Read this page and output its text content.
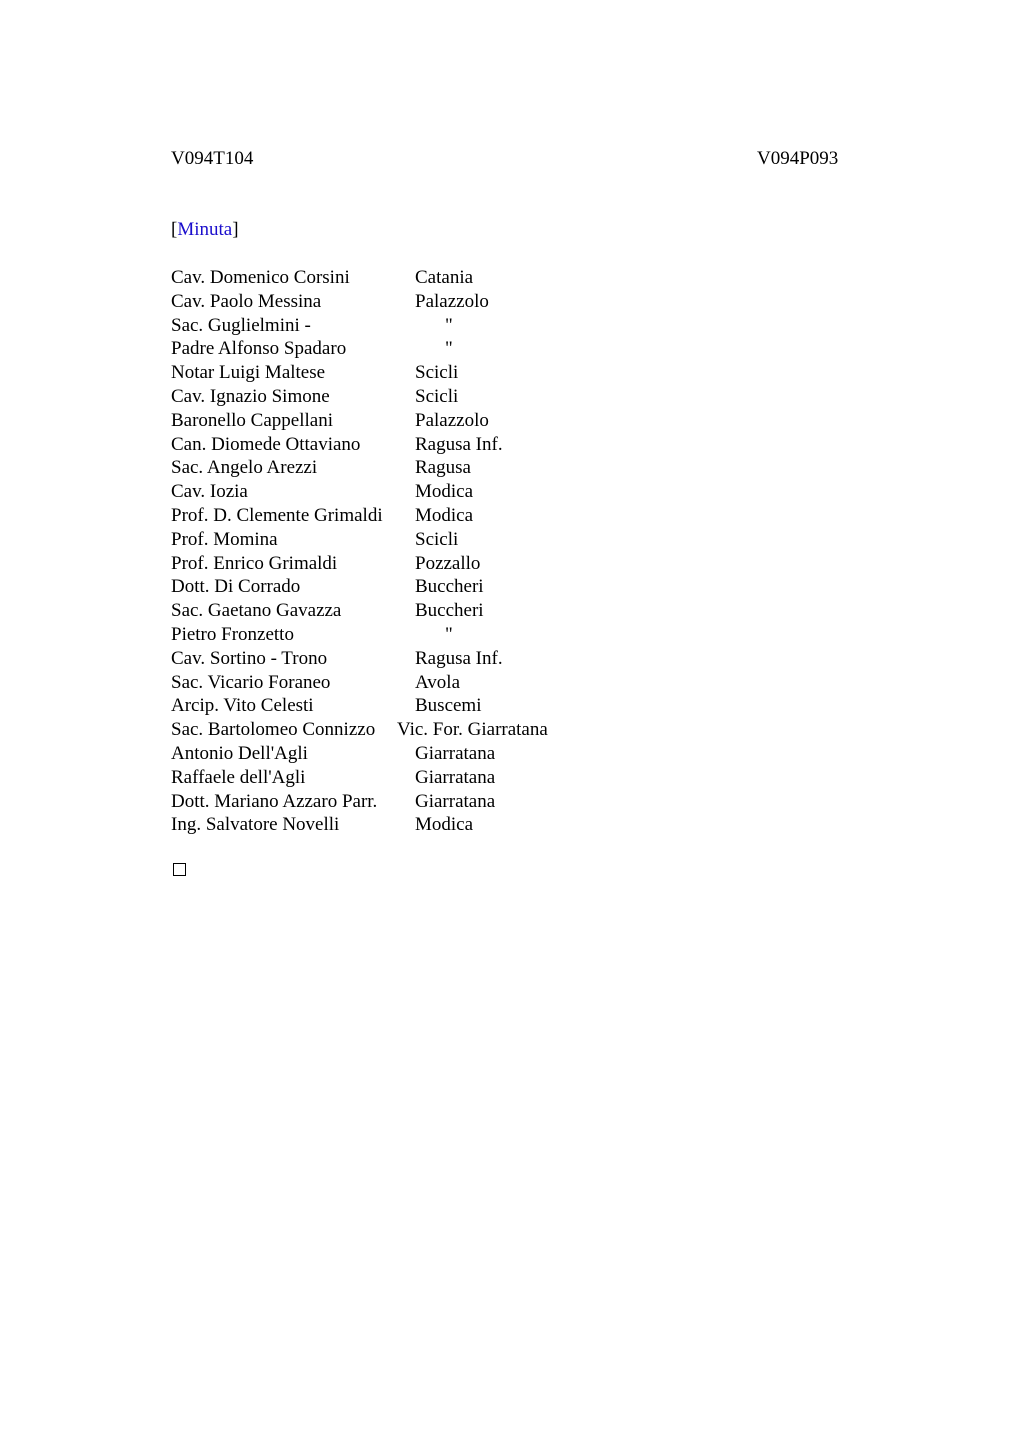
V094T104	V094P093
[Minuta]
Cav. Domenico Corsini	Catania
Cav. Paolo Messina	Palazzolo
Sac. Guglielmini -	"
Padre Alfonso Spadaro	"
Notar Luigi Maltese	Scicli
Cav. Ignazio Simone	Scicli
Baronello Cappellani	Palazzolo
Can. Diomede Ottaviano	Ragusa Inf.
Sac. Angelo Arezzi	Ragusa
Cav. Iozia	Modica
Prof. D. Clemente Grimaldi Modica
Prof. Momina	Scicli
Prof. Enrico Grimaldi	Pozzallo
Dott. Di Corrado	Buccheri
Sac. Gaetano Gavazza	Buccheri
Pietro Fronzetto	"
Cav. Sortino - Trono	Ragusa Inf.
Sac. Vicario Foraneo	Avola
Arcip. Vito Celesti	Buscemi
Sac. Bartolomeo Connizzo Vic. For. Giarratana
Antonio Dell'Agli	Giarratana
Raffaele dell'Agli	Giarratana
Dott. Mariano Azzaro Parr. Giarratana
Ing. Salvatore Novelli	Modica
